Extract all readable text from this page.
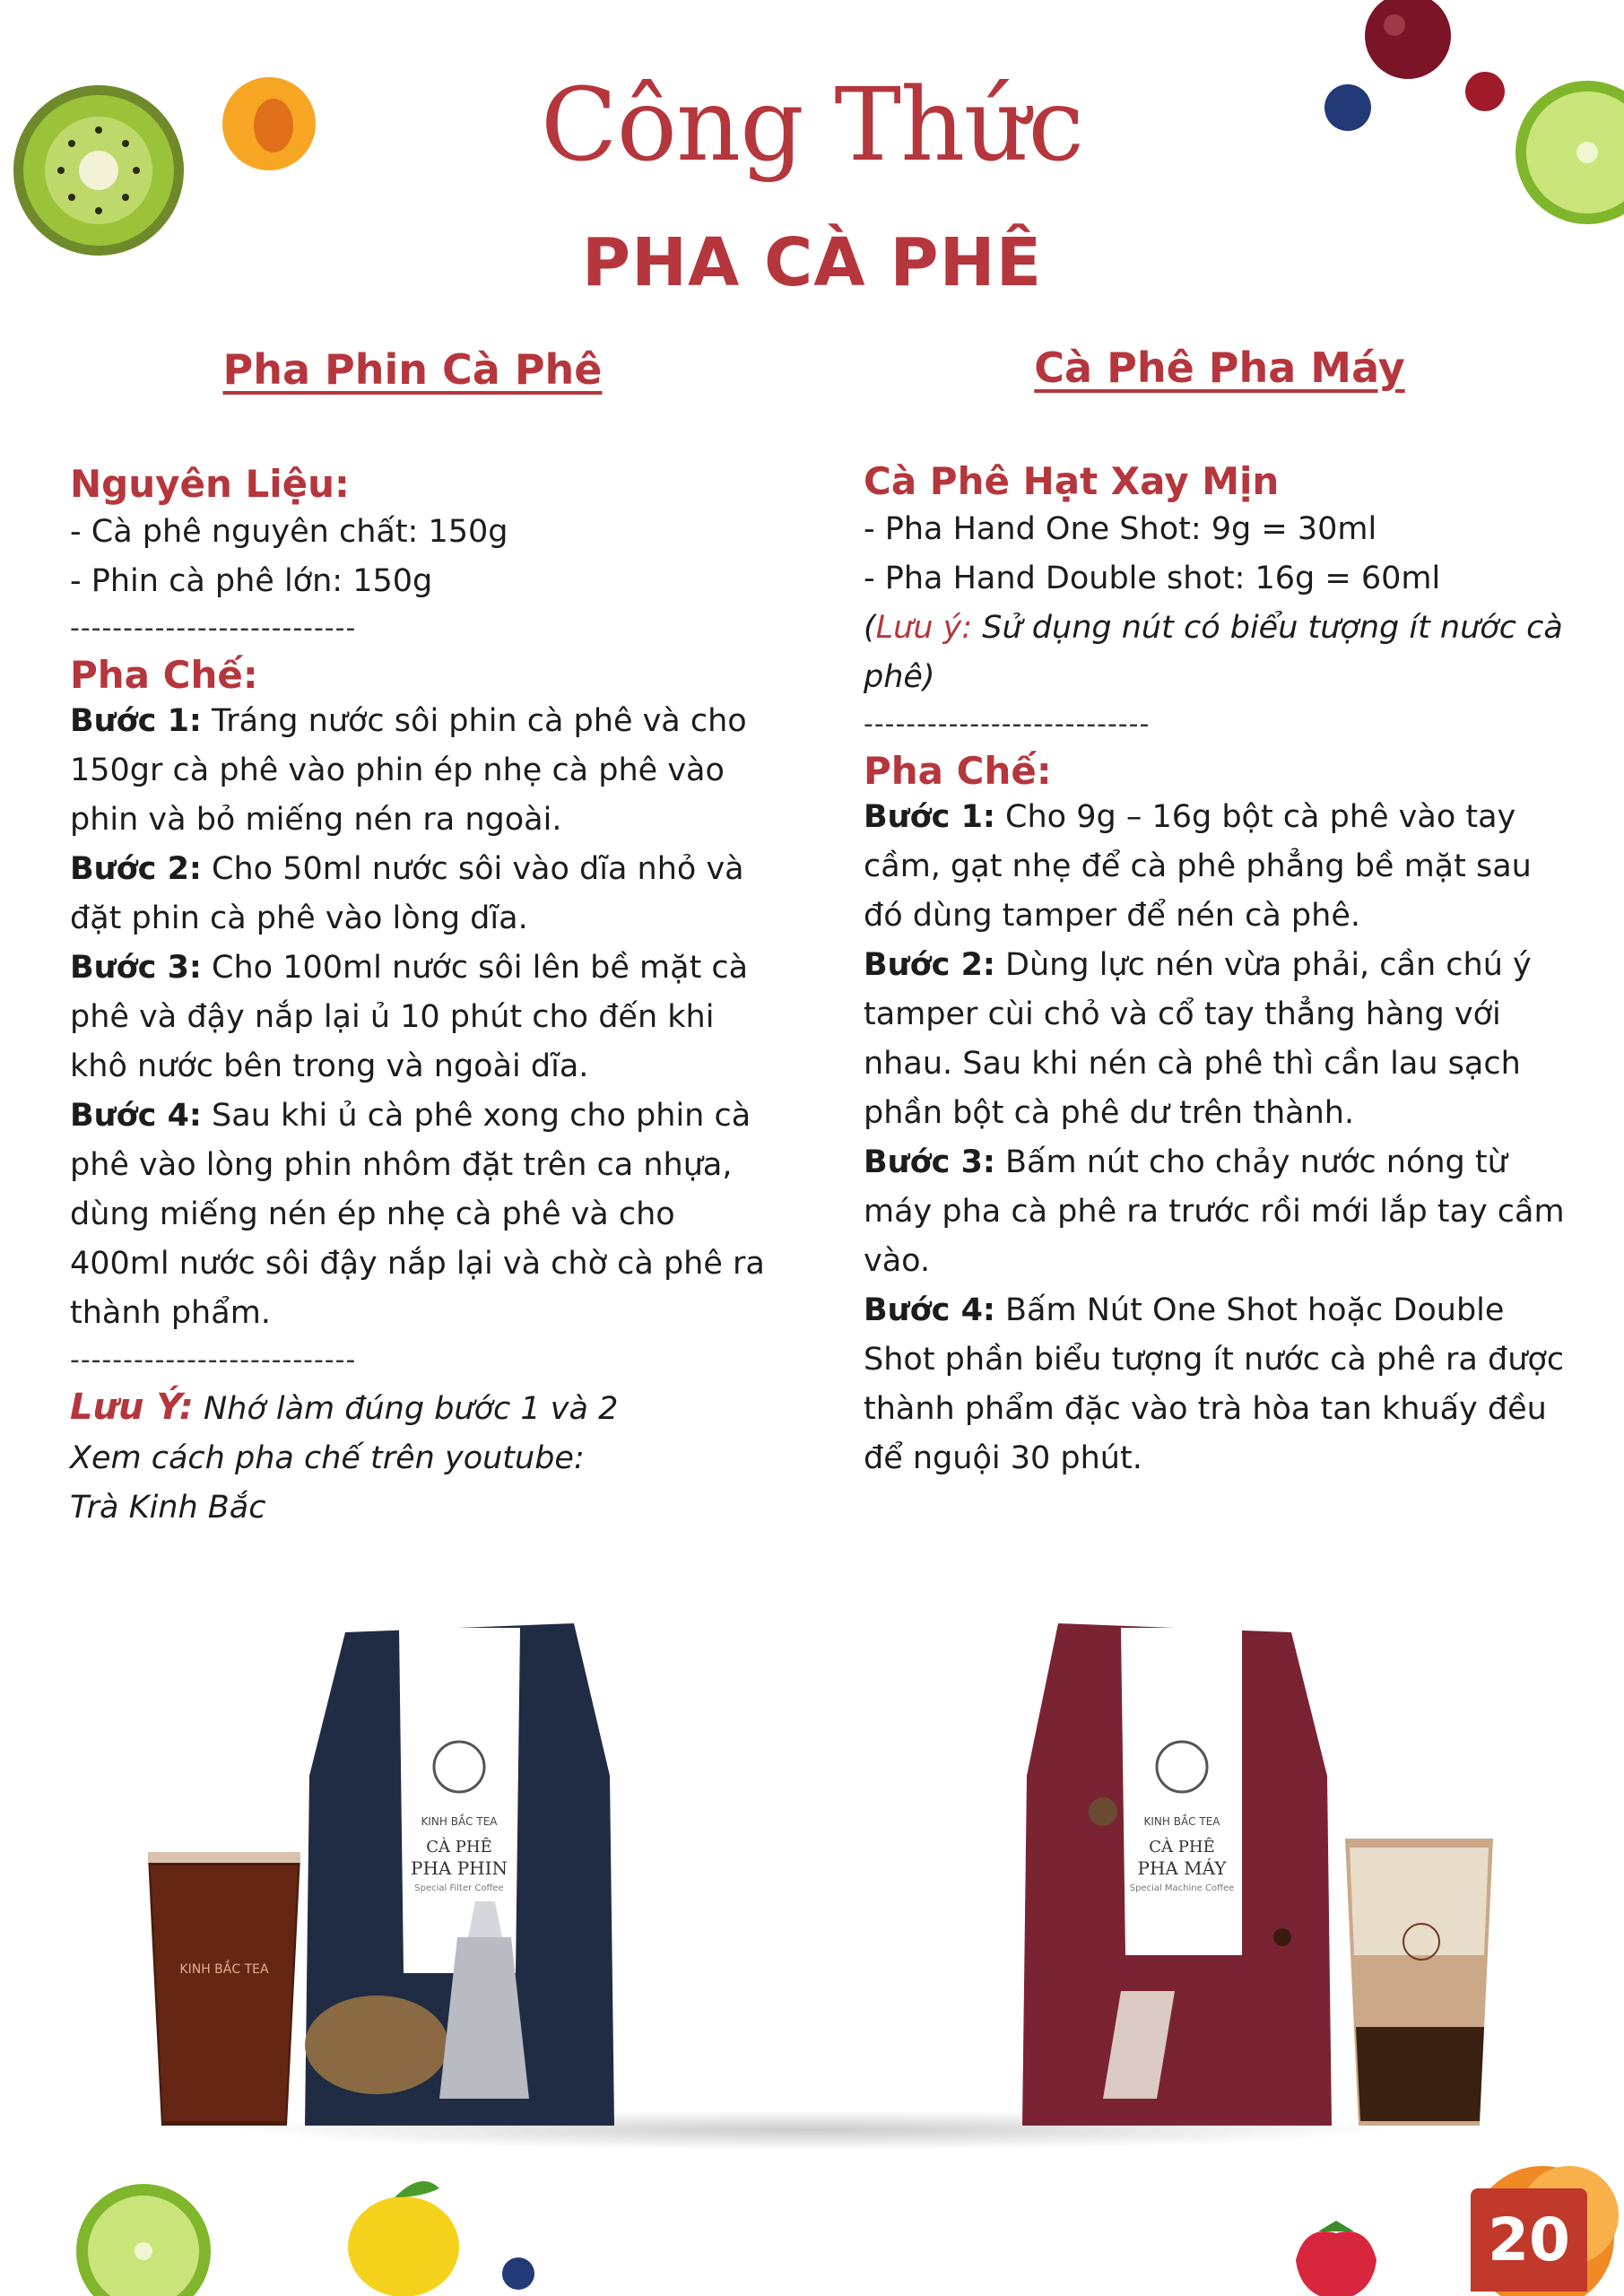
Công Thức
PHA CÀ PHÊ
Pha Phin Cà Phê
Nguyên Liệu:
- Cà phê nguyên chất: 150g
- Phin cà phê lớn: 150g
---------------------------
Pha Chế:
Bước 1: Tráng nước sôi phin cà phê và cho 150gr cà phê vào phin ép nhẹ cà phê vào phin và bỏ miếng nén ra ngoài.
Bước 2: Cho 50ml nước sôi vào dĩa nhỏ và đặt phin cà phê vào lòng dĩa.
Bước 3: Cho 100ml nước sôi lên bề mặt cà phê và đậy nắp lại ủ 10 phút cho đến khi khô nước bên trong và ngoài dĩa.
Bước 4: Sau khi ủ cà phê xong cho phin cà phê vào lòng phin nhôm đặt trên ca nhựa, dùng miếng nén ép nhẹ cà phê và cho 400ml nước sôi đậy nắp lại và chờ cà phê ra thành phẩm.
---------------------------
Lưu Ý: Nhớ làm đúng bước 1 và 2
Xem cách pha chế trên youtube:
Trà Kinh Bắc
Cà Phê Pha Máy
Cà Phê Hạt Xay Mịn
- Pha Hand One Shot: 9g = 30ml
- Pha Hand Double shot: 16g = 60ml
(Lưu ý: Sử dụng nút có biểu tượng ít nước cà phê)
---------------------------
Pha Chế:
Bước 1: Cho 9g – 16g bột cà phê vào tay cầm, gạt nhẹ để cà phê phẳng bề mặt sau đó dùng tamper để nén cà phê.
Bước 2: Dùng lực nén vừa phải, cần chú ý tamper cùi chỏ và cổ tay thẳng hàng với nhau. Sau khi nén cà phê thì cần lau sạch phần bột cà phê dư trên thành.
Bước 3: Bấm nút cho chảy nước nóng từ máy pha cà phê ra trước rồi mới lắp tay cầm vào.
Bước 4: Bấm Nút One Shot hoặc Double Shot phần biểu tượng ít nước cà phê ra được thành phẩm đặc vào trà hòa tan khuấy đều để nguội 30 phút.
KINH BẮC TEA
KINH BẮC TEA
CÀ PHÊ
PHA PHIN
Special Filter Coffee
KINH BẮC TEA
CÀ PHÊ
PHA MÁY
Special Machine Coffee
20
